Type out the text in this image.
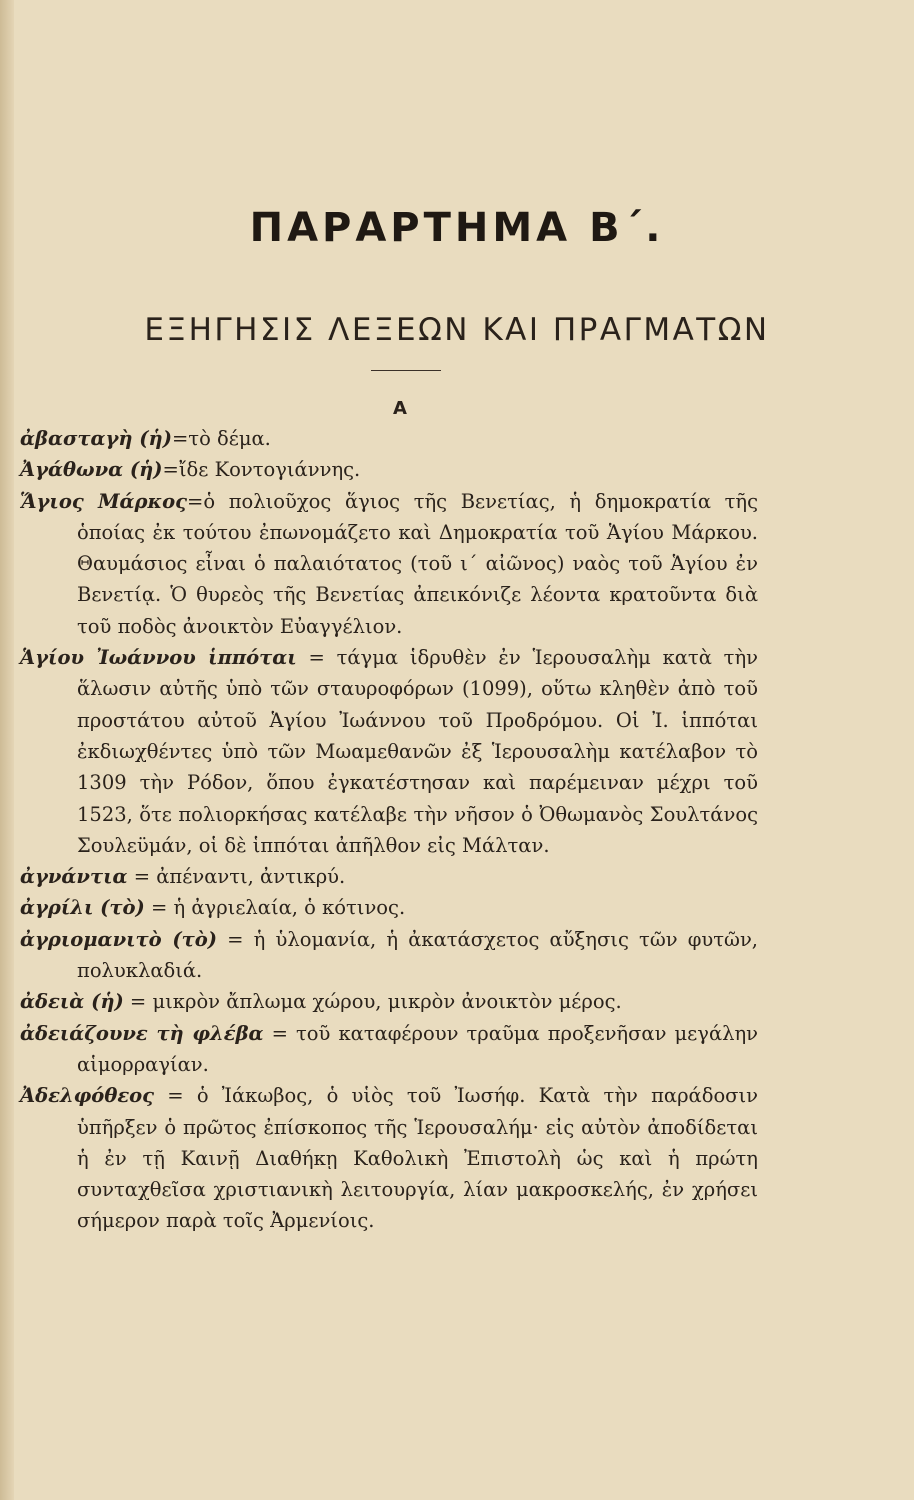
ΠΑΡΑΡΤΗΜΑ Β΄.
ΕΞΗΓΗΣΙΣ ΛΕΞΕΩΝ ΚΑΙ ΠΡΑΓΜΑΤΩΝ
Α

ἀβασταγὴ (ἡ)=τὸ δέμα.

Ἀγάθωνα (ἡ)=ἴδε Κοντογιάννης.

Ἅγιος Μάρκος=ὁ πολιοῦχος ἅγιος τῆς Βενετίας, ἡ δημοκρατία τῆς ὁποίας ἐκ τούτου ἐπωνομάζετο καὶ Δημοκρατία τοῦ Ἁγίου Μάρκου. Θαυμάσιος εἶναι ὁ παλαιότατος (τοῦ ι΄ αἰῶνος) ναὸς τοῦ Ἁγίου ἐν Βενετίᾳ. Ὁ θυρεὸς τῆς Βενετίας ἀπεικόνιζε λέοντα κρατοῦντα διὰ τοῦ ποδὸς ἀνοικτὸν Εὐαγγέλιον.

Ἁγίου Ἰωάννου ἱππόται = τάγμα ἱδρυθὲν ἐν Ἱερουσαλὴμ κατὰ τὴν ἅλωσιν αὐτῆς ὑπὸ τῶν σταυροφόρων (1099), οὕτω κληθὲν ἀπὸ τοῦ προστάτου αὐτοῦ Ἁγίου Ἰωάννου τοῦ Προδρόμου. Οἱ Ἰ. ἱππόται ἐκδιωχθέντες ὑπὸ τῶν Μωαμεθανῶν ἐξ Ἱερουσαλὴμ κατέλαβον τὸ 1309 τὴν Ρόδον, ὅπου ἐγκατέστησαν καὶ παρέμειναν μέχρι τοῦ 1523, ὅτε πολιορκήσας κατέλαβε τὴν νῆσον ὁ Ὀθωμανὸς Σουλτάνος Σουλεϋμάν, οἱ δὲ ἱππόται ἀπῆλθον εἰς Μάλταν.

ἀγνάντια = ἀπέναντι, ἀντικρύ.

ἀγρίλι (τὸ) = ἡ ἀγριελαία, ὁ κότινος.

ἀγριομανιτὸ (τὸ) = ἡ ὑλομανία, ἡ ἀκατάσχετος αὔξησις τῶν φυτῶν, πολυκλαδιά.

ἀδειὰ (ἡ) = μικρὸν ἄπλωμα χώρου, μικρὸν ἀνοικτὸν μέρος.

ἀδειάζουνε τὴ φλέβα = τοῦ καταφέρουν τραῦμα προξενῆσαν μεγάλην αἱμορραγίαν.

Ἀδελφόθεος = ὁ Ἰάκωβος, ὁ υἱὸς τοῦ Ἰωσήφ. Κατὰ τὴν παράδοσιν ὑπῆρξεν ὁ πρῶτος ἐπίσκοπος τῆς Ἱερουσαλήμ· εἰς αὐτὸν ἀποδίδεται ἡ ἐν τῇ Καινῇ Διαθήκῃ Καθολικὴ Ἐπιστολὴ ὡς καὶ ἡ πρώτη συνταχθεῖσα χριστιανικὴ λειτουργία, λίαν μακροσκελής, ἐν χρήσει σήμερον παρὰ τοῖς Ἀρμενίοις.
